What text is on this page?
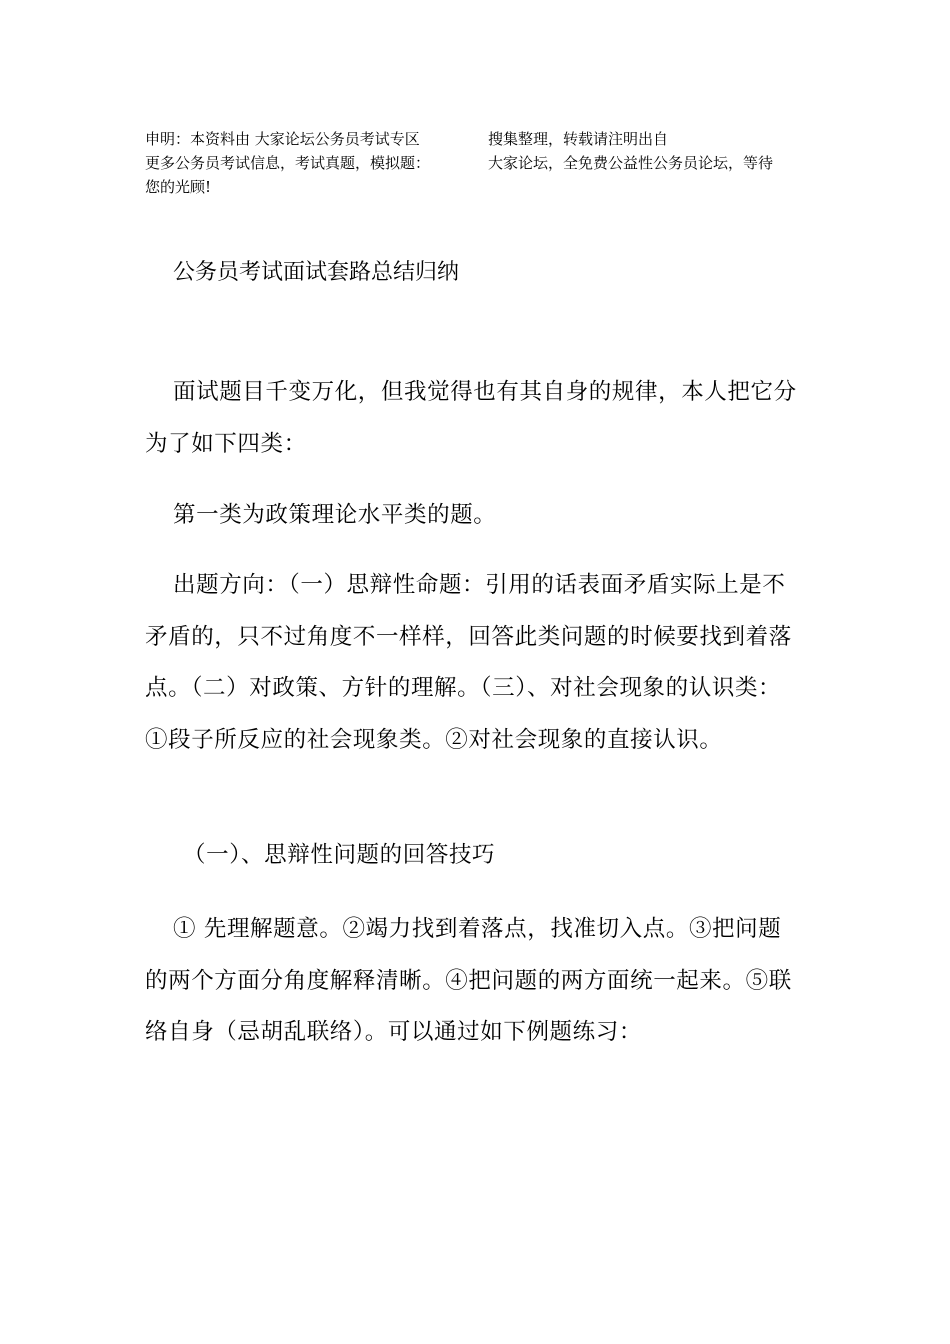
申明：本资料由 大家论坛公务员考试专区	搜集整理，转载请注明出自
更多公务员考试信息，考试真题，模拟题：	大家论坛，全免费公益性公务员论坛，等待
您的光顾!
公务员考试面试套路总结归纳
面试题目千变万化，但我觉得也有其自身的规律，本人把它分为了如下四类：
第一类为政策理论水平类的题。
出题方向：（一）思辩性命题：引用的话表面矛盾实际上是不矛盾的，只不过角度不一样样，回答此类问题的时候要找到着落点。（二）对政策、方针的理解。（三）、对社会现象的认识类：①段子所反应的社会现象类。②对社会现象的直接认识。
（一）、思辩性问题的回答技巧
① 先理解题意。②竭力找到着落点，找准切入点。③把问题的两个方面分角度解释清晰。④把问题的两方面统一起来。⑤联络自身（忌胡乱联络）。可以通过如下例题练习：
